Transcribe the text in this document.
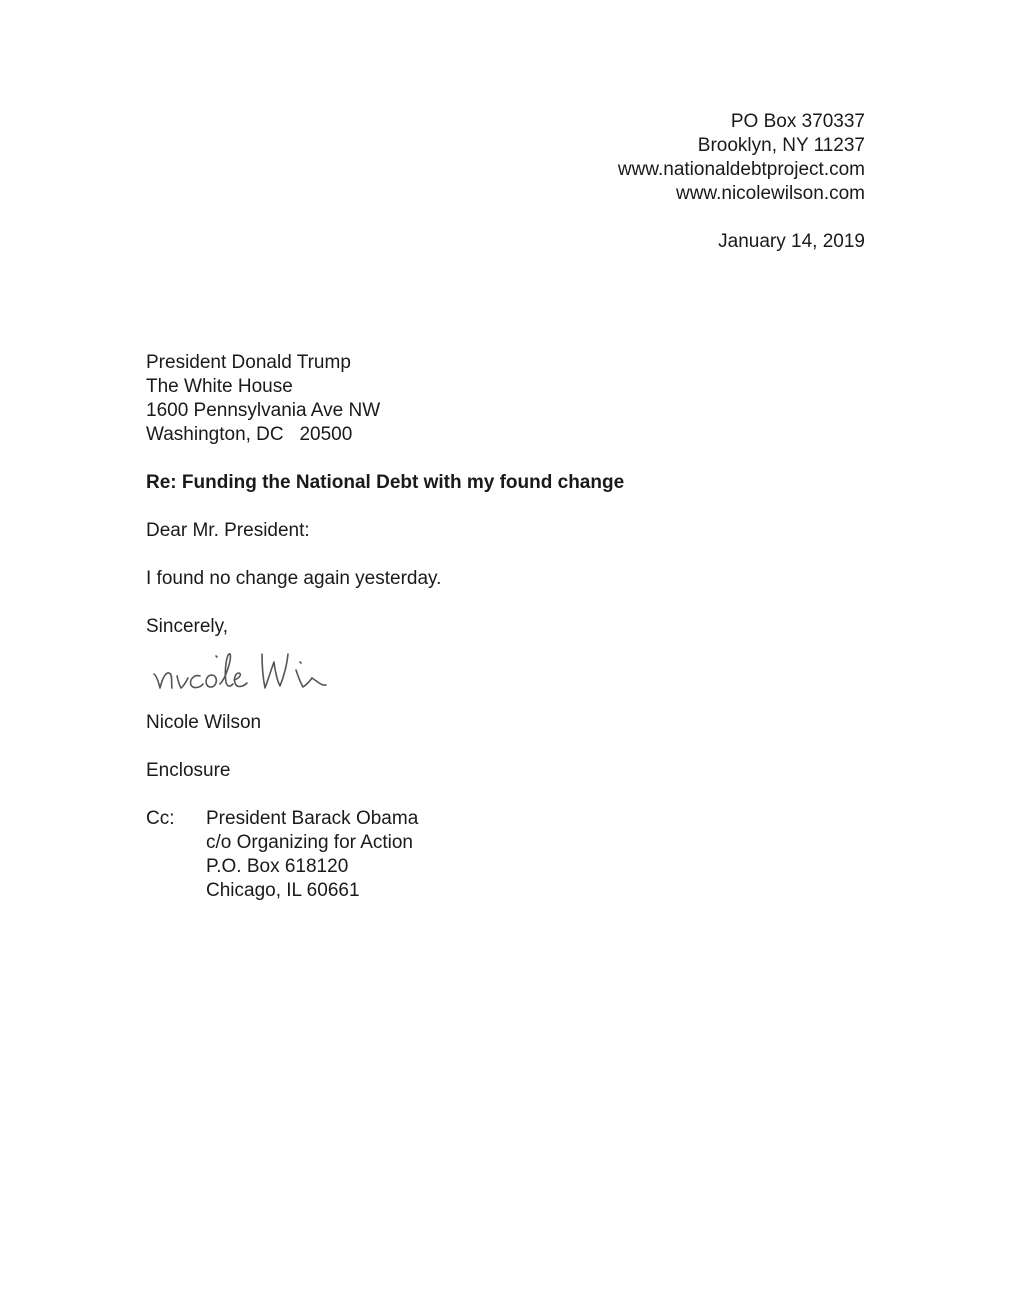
PO Box 370337
Brooklyn, NY 11237
www.nationaldebtproject.com
www.nicolewilson.com
January 14, 2019
President Donald Trump
The White House
1600 Pennsylvania Ave NW
Washington, DC   20500
Re: Funding the National Debt with my found change
Dear Mr. President:
I found no change again yesterday.
Sincerely,
Nicole Wilson
Enclosure
Cc: President Barack Obama
c/o Organizing for Action
P.O. Box 618120
Chicago, IL 60661
